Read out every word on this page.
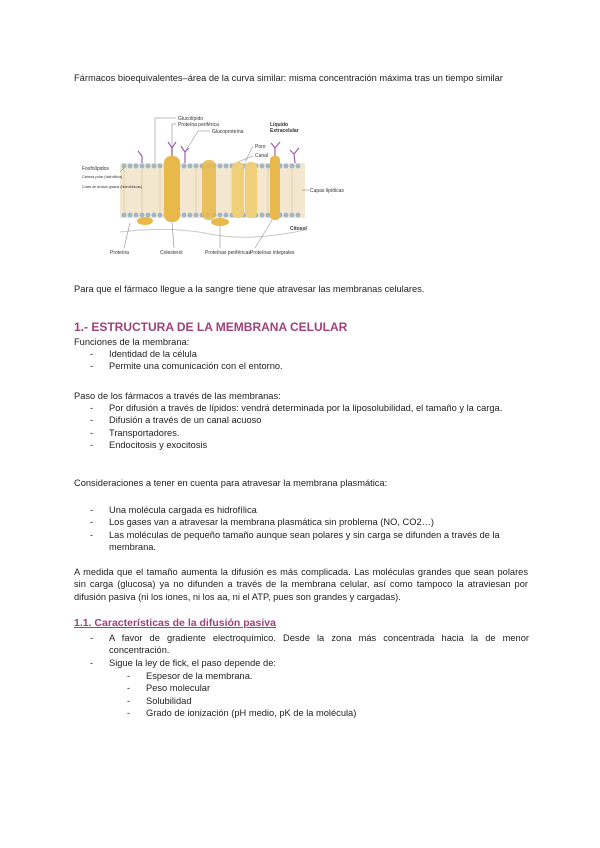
Fármacos bioequivalentes–área de la curva similar: misma concentración máxima tras un tiempo similar

Glucolípido
Proteína periférica
Glucoproteína
Líquido
Extracelular
Poro
Canal
Fosfolípidos
Cabeza polar (hidrofílica)
Colas de ácidos grasos (hidrofóbicas)
Capas lipídicas
Citosol
Proteína	Colesterol	Proteínas periféricas Proteínas integrales

Para que el fármaco llegue a la sangre tiene que atravesar las membranas celulares.

1.- ESTRUCTURA DE LA MEMBRANA CELULAR

Funciones de la membrana:

- Identidad de la célula
- Permite una comunicación con el entorno.

Paso de los fármacos a través de las membranas:

- Por difusión a través de lípidos: vendrá determinada por la liposolubilidad, el tamaño y la carga.
- Difusión a través de un canal acuoso
- Transportadores.
- Endocitosis y exocitosis

Consideraciones a tener en cuenta para atravesar la membrana plasmática:

- Una molécula cargada es hidrofílica
- Los gases van a atravesar la membrana plasmática sin problema (NO, CO2…)
- Las moléculas de pequeño tamaño aunque sean polares y sin carga se difunden a través de la membrana.

A medida que el tamaño aumenta la difusión es más complicada. Las moléculas grandes que sean polares sin carga (glucosa) ya no difunden a través de la membrana celular, así como tampoco la atraviesan por difusión pasiva (ni los iones, ni los aa, ni el ATP, pues son grandes y cargadas).

1.1. Características de la difusión pasiva

- A favor de gradiente electroquímico. Desde la zona más concentrada hacia la de menor concentración.
- Sigue la ley de fick, el paso depende de:
- Espesor de la membrana.
- Peso molecular
- Solubilidad
- Grado de ionización (pH medio, pK de la molécula)
